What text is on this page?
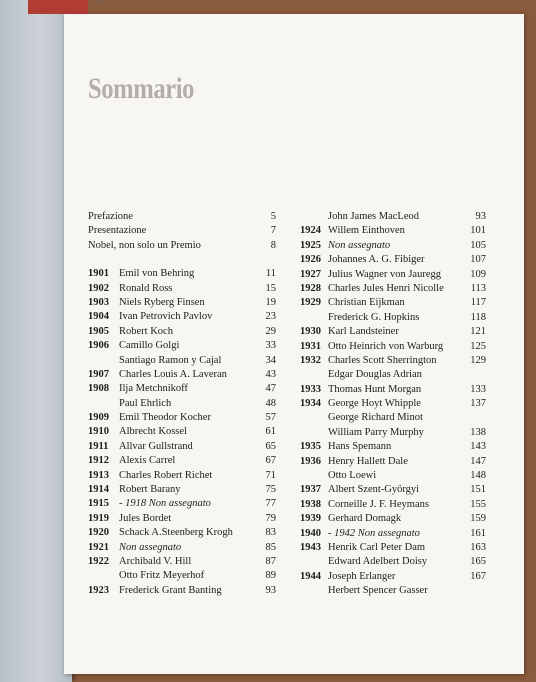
7-0
Sommario
Prefazione	5
Presentazione	7
Nobel, non solo un Premio	8
1901 Emil von Behring	11
1902 Ronald Ross	15
1903 Niels Ryberg Finsen	19
1904 Ivan Petrovich Pavlov	23
1905 Robert Koch	29
1906 Camillo Golgi	33
Santiago Ramon y Cajal	34
1907 Charles Louis A. Laveran	43
1908 Ilja Metchnikoff	47
Paul Ehrlich	48
1909 Emil Theodor Kocher	57
1910 Albrecht Kossel	61
1911	Allvar Gullstrand	65
1912 Alexis Carrel	67
1913 Charles Robert Richet	71
1914 Robert Barany	75
1915 - 1918 Non assegnato	77
1919 Jules Bordet	79
1920 Schack A.Steenberg Krogh	83
1921 Non assegnato	85
1922 Archibald V. Hill	87
Otto Fritz Meyerhof	89
1923 Frederick Grant Banting	93
John James MacLeod	93
1924 Willem Einthoven	101
1925 Non assegnato	105
1926 Johannes A. G. Fibiger	107
1927 Julius Wagner von Jauregg	109
1928 Charles Jules Henri Nicolle	113
1929 Christian Eijkman	117
Frederick G. Hopkins	118
1930 Karl Landsteiner	121
1931 Otto Heinrich von Warburg	125
1932 Charles Scott Sherrington	129
Edgar Douglas Adrian
1933 Thomas Hunt Morgan	133
1934 George Hoyt Whipple	137
George Richard Minot
William Parry Murphy	138
1935 Hans Spemann	143
1936 Henry Hallett Dale	147
Otto Loewi	148
1937 Albert Szent-Györgyi	151
1938 Corneille J. F. Heymans	155
1939 Gerhard Domagk	159
1940 - 1942 Non assegnato	161
1943 Henrik Carl Peter Dam	163
Edward Adelbert Doisy	165
1944 Joseph Erlanger	167
Herbert Spencer Gasser
